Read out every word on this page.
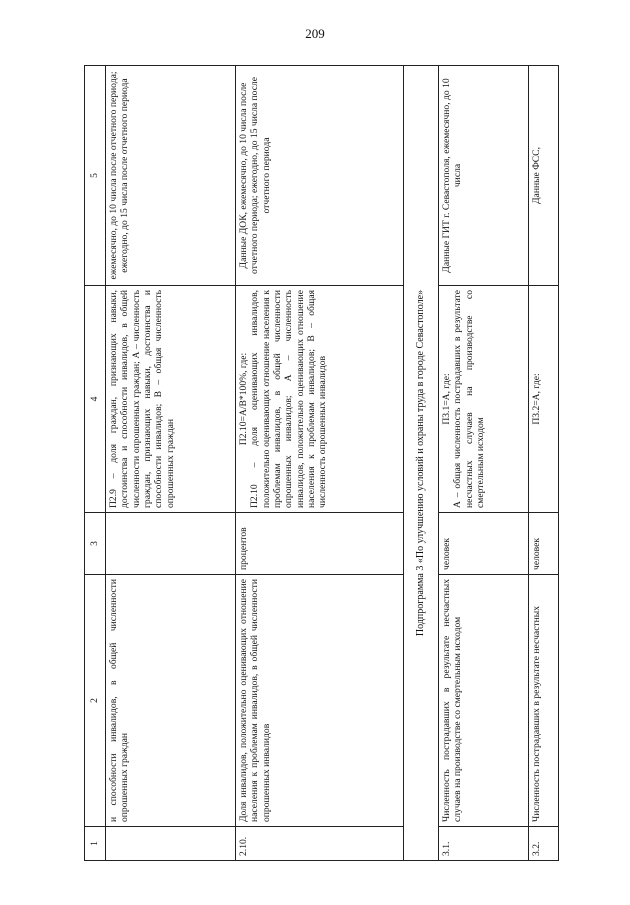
209
1	2	3	4	5
	и способности инвалидов, в общей численности опрошенных граждан		П2.9 – доля граждан, признающих навыки, достоинства и способности инвалидов, в общей численности опрошенных граждан; А – численность граждан, признающих навыки, достоинства и способности инвалидов; В – общая численность опрошенных граждан	ежемесячно, до 10 числа после отчетного периода; ежегодно, до 15 числа после отчетного периода
2.10.	Доля инвалидов, положительно оценивающих отношение населения к проблемам инвалидов, в общей численности опрошенных инвалидов	процентов	П2.10=А/В*100%, где: П2.10 – доля оценивающих инвалидов, положительно оценивающих отношение населения к проблемам инвалидов, в общей численности опрошенных инвалидов; А – численность инвалидов, положительно оценивающих отношение населения к проблемам инвалидов; В – общая численность опрошенных инвалидов	Данные ДОК, ежемесячно, до 10 числа после отчетного периода; ежегодно, до 15 числа после отчетного периода
Подпрограмма 3 «По улучшению условий и охраны труда в городе Севастополе»				
3.1.	Численность пострадавших в результате несчастных случаев на производстве со смертельным исходом	человек	П3.1=А, где: А – общая численность пострадавших в результате несчастных случаев на производстве со смертельным исходом	Данные ГИТ г. Севастополя, ежемесячно, до 10 числа
3.2.	Численность пострадавших в результате несчастных	человек	П3.2=А, где:	Данные ФСС,
